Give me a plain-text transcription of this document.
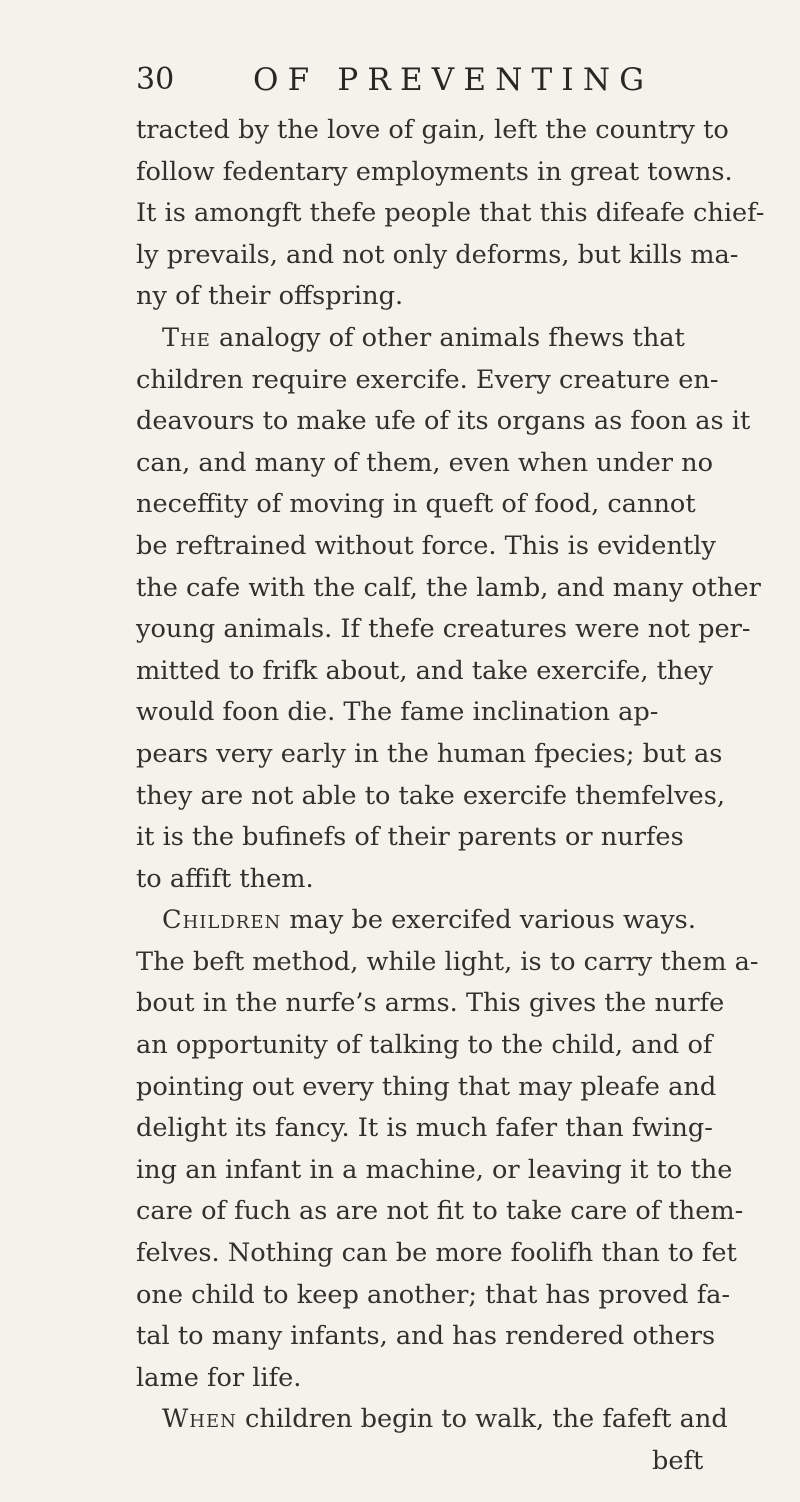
30	OF PREVENTING
tracted by the love of gain, left the country to
follow fedentary employments in great towns.
It is amongft thefe people that this difeafe chief-
ly prevails, and not only deforms, but kills ma-
ny of their offspring.
The analogy of other animals fhews that
children require exercife. Every creature en-
deavours to make ufe of its organs as foon as it
can, and many of them, even when under no
neceffity of moving in queft of food, cannot
be reftrained without force. This is evidently
the cafe with the calf, the lamb, and many other
young animals. If thefe creatures were not per-
mitted to frifk about, and take exercife, they
would foon die. The fame inclination ap-
pears very early in the human fpecies; but as
they are not able to take exercife themfelves,
it is the bufinefs of their parents or nurfes
to affift them.
Children may be exercifed various ways.
The beft method, while light, is to carry them a-
bout in the nurfe’s arms. This gives the nurfe
an opportunity of talking to the child, and of
pointing out every thing that may pleafe and
delight its fancy. It is much fafer than fwing-
ing an infant in a machine, or leaving it to the
care of fuch as are not fit to take care of them-
felves. Nothing can be more foolifh than to fet
one child to keep another; that has proved fa-
tal to many infants, and has rendered others
lame for life.
When children begin to walk, the fafeft and
beft
